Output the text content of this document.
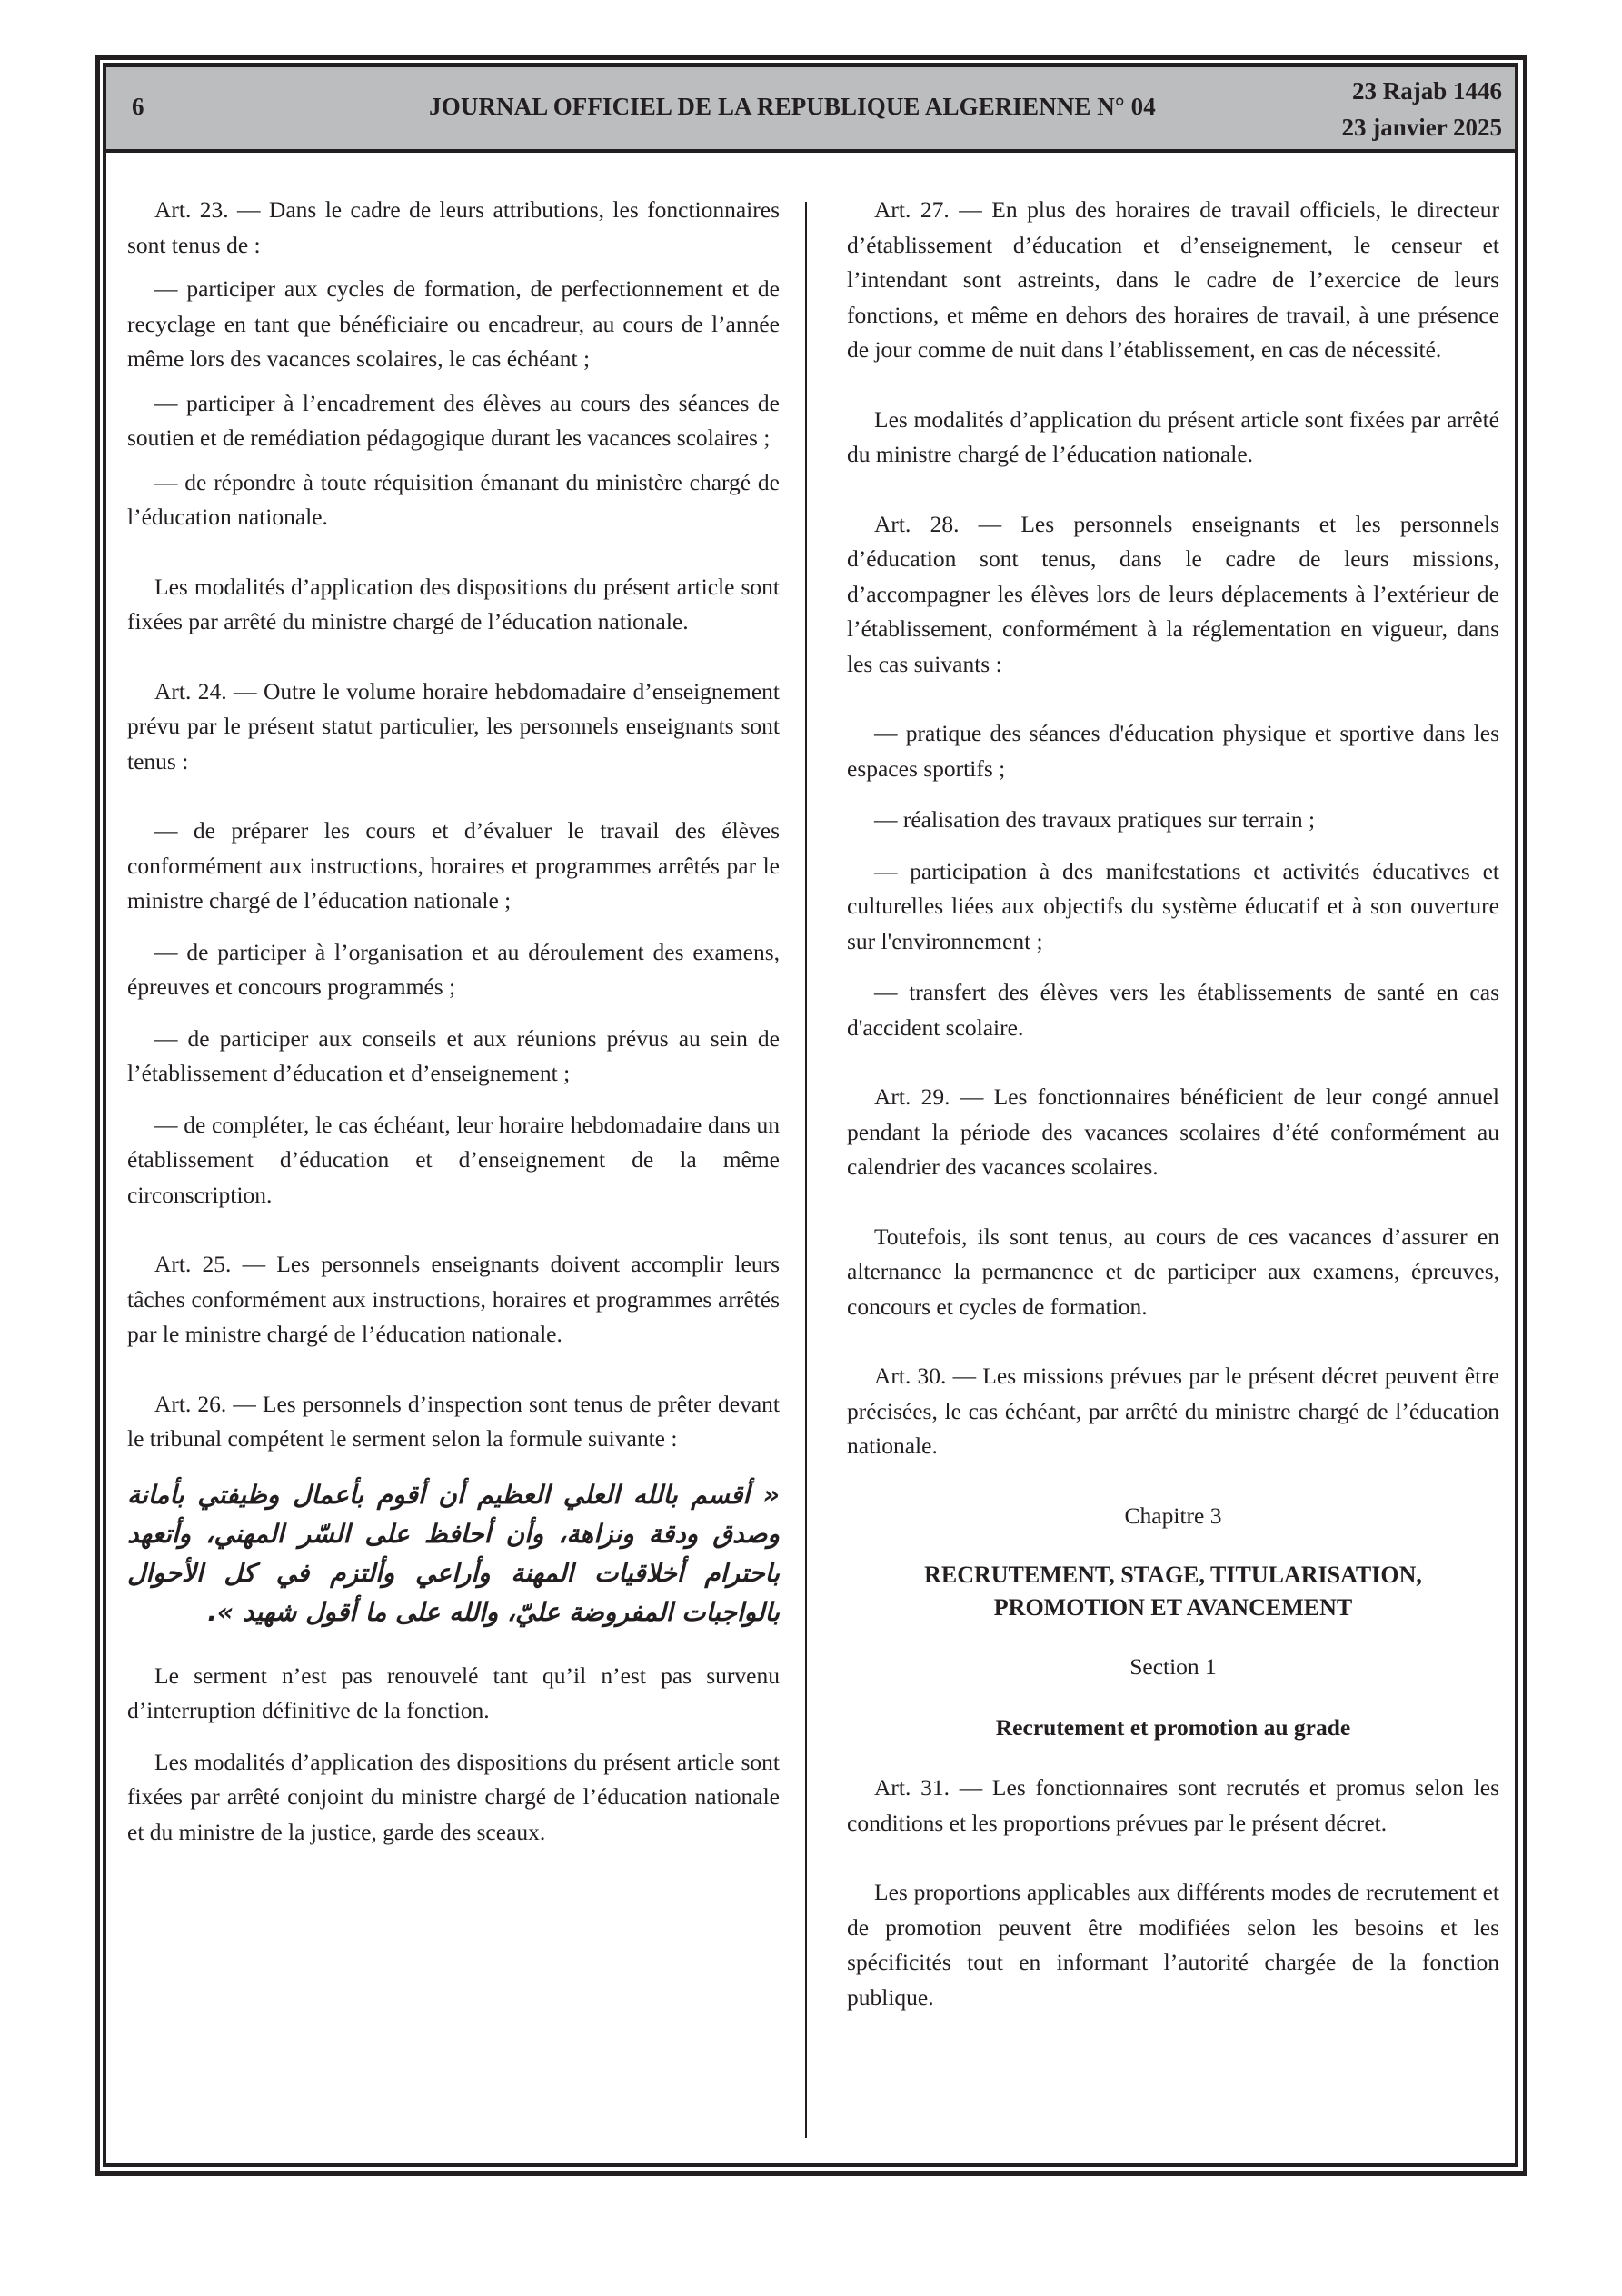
6	JOURNAL OFFICIEL DE LA REPUBLIQUE ALGERIENNE N° 04
23 Rajab 1446
23 janvier 2025

Art. 23. — Dans le cadre de leurs attributions, les fonctionnaires sont tenus de :

— participer aux cycles de formation, de perfectionnement et de recyclage en tant que bénéficiaire ou encadreur, au cours de l’année même lors des vacances scolaires, le cas échéant ;

— participer à l’encadrement des élèves au cours des séances de soutien et de remédiation pédagogique durant les vacances scolaires ;

— de répondre à toute réquisition émanant du ministère chargé de l’éducation nationale.

Les modalités d’application des dispositions du présent article sont fixées par arrêté du ministre chargé de l’éducation nationale.

Art. 24. — Outre le volume horaire hebdomadaire d’enseignement prévu par le présent statut particulier, les personnels enseignants sont tenus :

— de préparer les cours et d’évaluer le travail des élèves conformément aux instructions, horaires et programmes arrêtés par le ministre chargé de l’éducation nationale ;

— de participer à l’organisation et au déroulement des examens, épreuves et concours programmés ;

— de participer aux conseils et aux réunions prévus au sein de l’établissement d’éducation et d’enseignement ;

— de compléter, le cas échéant, leur horaire hebdomadaire dans un établissement d’éducation et d’enseignement de la même circonscription.

Art. 25. — Les personnels enseignants doivent accomplir leurs tâches conformément aux instructions, horaires et programmes arrêtés par le ministre chargé de l’éducation nationale.

Art. 26. — Les personnels d’inspection sont tenus de prêter devant le tribunal compétent le serment selon la formule suivante :

« أقسم بالله العلي العظيم أن أقوم بأعمال وظيفتي بأمانة وصدق ودقة ونزاهة، وأن أحافظ على السّر المهني، وأتعهد باحترام أخلاقيات المهنة وأراعي وألتزم في كل الأحوال بالواجبات المفروضة عليّ، والله على ما أقول شهيد ».

Le serment n’est pas renouvelé tant qu’il n’est pas survenu d’interruption définitive de la fonction.

Les modalités d’application des dispositions du présent article sont fixées par arrêté conjoint du ministre chargé de l’éducation nationale et du ministre de la justice, garde des sceaux.

Art. 27. — En plus des horaires de travail officiels, le directeur d’établissement d’éducation et d’enseignement, le censeur et l’intendant sont astreints, dans le cadre de l’exercice de leurs fonctions, et même en dehors des horaires de travail, à une présence de jour comme de nuit dans l’établissement, en cas de nécessité.

Les modalités d’application du présent article sont fixées par arrêté du ministre chargé de l’éducation nationale.

Art. 28. — Les personnels enseignants et les personnels d’éducation sont tenus, dans le cadre de leurs missions, d’accompagner les élèves lors de leurs déplacements à l’extérieur de l’établissement, conformément à la réglementation en vigueur, dans les cas suivants :

— pratique des séances d'éducation physique et sportive dans les espaces sportifs ;

— réalisation des travaux pratiques sur terrain ;

— participation à des manifestations et activités éducatives et culturelles liées aux objectifs du système éducatif et à son ouverture sur l'environnement ;

— transfert des élèves vers les établissements de santé en cas d'accident scolaire.

Art. 29. — Les fonctionnaires bénéficient de leur congé annuel pendant la période des vacances scolaires d’été conformément au calendrier des vacances scolaires.

Toutefois, ils sont tenus, au cours de ces vacances d’assurer en alternance la permanence et de participer aux examens, épreuves, concours et cycles de formation.

Art. 30. — Les missions prévues par le présent décret peuvent être précisées, le cas échéant, par arrêté du ministre chargé de l’éducation nationale.

Chapitre 3

RECRUTEMENT, STAGE, TITULARISATION,
PROMOTION ET AVANCEMENT

Section 1

Recrutement et promotion au grade

Art. 31. — Les fonctionnaires sont recrutés et promus selon les conditions et les proportions prévues par le présent décret.

Les proportions applicables aux différents modes de recrutement et de promotion peuvent être modifiées selon les besoins et les spécificités tout en informant l’autorité chargée de la fonction publique.
